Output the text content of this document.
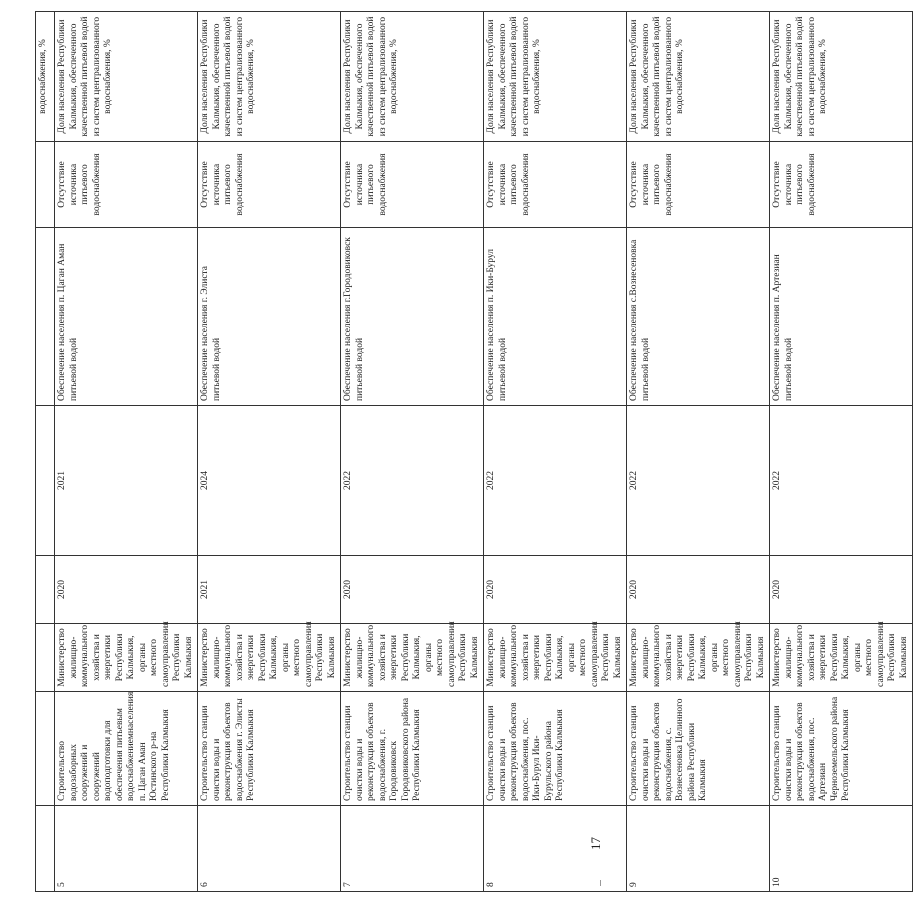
							водоснабжения, %
5	Строительство водозаборных сооружений и сооружений водоподготовки для обеспечения питьевым водоснабжениемнаселения п. Цаган Аман Юстинского р-на Республики Калмыкия	Министерство жилищно-коммунального хозяйства и энергетики Республики Калмыкия, органы местного самоуправления Республики Калмыкия	2020	2021	Обеспечение населения п. Цаган Аман питьевой водой	Отсутствие источника питьевого водоснабжения	Доля населения Республики Калмыкия, обеспеченного качественной питьевой водой из систем централизованного водоснабжения, %
6	Строительство станции очистки воды и реконструкция объектов водоснабжения г. Элисты Республики Калмыкия	Министерство жилищно-коммунального хозяйства и энергетики Республики Калмыкия, органы местного самоуправления Республики Калмыкия	2021	2024	Обеспечение населения г. Элиста питьевой водой	Отсутствие источника питьевого водоснабжения	Доля населения Республики Калмыкия, обеспеченного качественной питьевой водой из систем централизованного водоснабжения, %
7	Строительство станции очистки воды и реконструкция объектов водоснабжения, г. Городовиковск Городовиковского района Республики Калмыкия	Министерство жилищно-коммунального хозяйства и энергетики Республики Калмыкия, органы местного самоуправления Республики Калмыкия	2020	2022	Обеспечение населения г.Городовиковск питьевой водой	Отсутствие источника питьевого водоснабжения	Доля населения Республики Калмыкия, обеспеченного качественной питьевой водой из систем централизованного водоснабжения, %
8	Строительство станции очистки воды и реконструкция объектов водоснабжения, пос. Ики-Бурул Ики-Бурульского района Республики Калмыкия	Министерство жилищно-коммунального хозяйства и энергетики Республики Калмыкия, органы местного самоуправления Республики Калмыкия	2020	2022	Обеспечение населения п. Ики-Бурул питьевой водой	Отсутствие источника питьевого водоснабжения	Доля населения Республики Калмыкия, обеспеченного качественной питьевой водой из систем централизованного водоснабжения, %
9	Строительство станции очистки воды и реконструкция объектов водоснабжения, с. Вознесеновка Целинного района Республики Калмыкия	Министерство жилищно-коммунального хозяйства и энергетики Республики Калмыкия, органы местного самоуправления Республики Калмыкия	2020	2022	Обеспечение населения с.Вознесеновка питьевой водой	Отсутствие источника питьевого водоснабжения	Доля населения Республики Калмыкия, обеспеченного качественной питьевой водой из систем централизованного водоснабжения, %
10	Строительство станции очистки воды и реконструкция объектов водоснабжения, пос. Артезиан Черноземельского района Республики Калмыкия	Министерство жилищно-коммунального хозяйства и энергетики Республики Калмыкия, органы местного самоуправления Республики Калмыкия	2020	2022	Обеспечение населения п. Артезиан питьевой водой	Отсутствие источника питьевого водоснабжения	Доля населения Республики Калмыкия, обеспеченного качественной питьевой водой из систем централизованного водоснабжения, %
17
